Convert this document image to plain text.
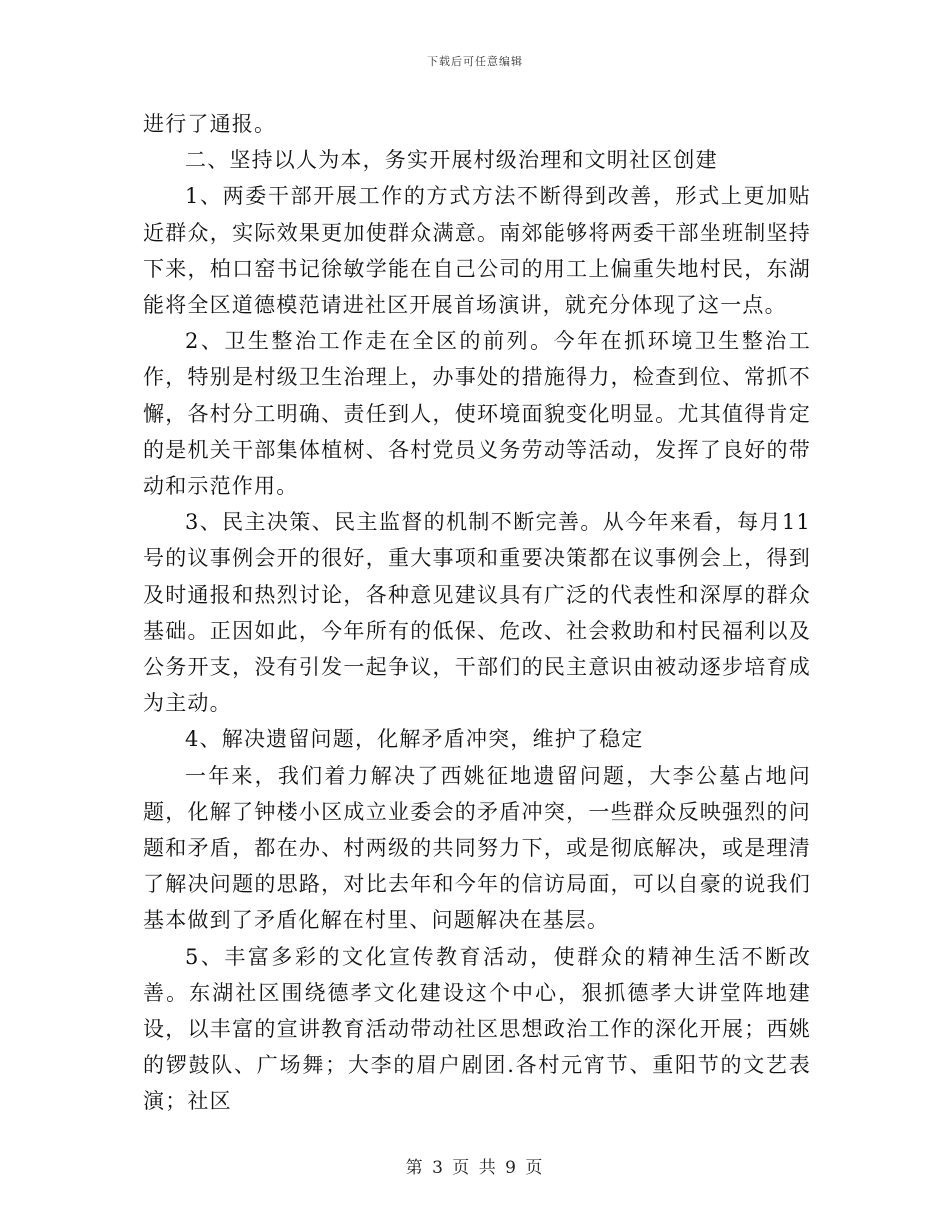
下载后可任意编辑

进行了通报。

二、坚持以人为本，务实开展村级治理和文明社区创建

1、两委干部开展工作的方式方法不断得到改善，形式上更加贴近群众，实际效果更加使群众满意。南郊能够将两委干部坐班制坚持下来，柏口窑书记徐敏学能在自己公司的用工上偏重失地村民，东湖能将全区道德模范请进社区开展首场演讲，就充分体现了这一点。

2、卫生整治工作走在全区的前列。今年在抓环境卫生整治工作，特别是村级卫生治理上，办事处的措施得力，检查到位、常抓不懈，各村分工明确、责任到人，使环境面貌变化明显。尤其值得肯定的是机关干部集体植树、各村党员义务劳动等活动，发挥了良好的带动和示范作用。

3、民主决策、民主监督的机制不断完善。从今年来看，每月11号的议事例会开的很好，重大事项和重要决策都在议事例会上，得到及时通报和热烈讨论，各种意见建议具有广泛的代表性和深厚的群众基础。正因如此，今年所有的低保、危改、社会救助和村民福利以及公务开支，没有引发一起争议，干部们的民主意识由被动逐步培育成为主动。

4、解决遗留问题，化解矛盾冲突，维护了稳定

一年来，我们着力解决了西姚征地遗留问题，大李公墓占地问题，化解了钟楼小区成立业委会的矛盾冲突，一些群众反映强烈的问题和矛盾，都在办、村两级的共同努力下，或是彻底解决，或是理清了解决问题的思路，对比去年和今年的信访局面，可以自豪的说我们基本做到了矛盾化解在村里、问题解决在基层。

5、丰富多彩的文化宣传教育活动，使群众的精神生活不断改善。东湖社区围绕德孝文化建设这个中心，狠抓德孝大讲堂阵地建设，以丰富的宣讲教育活动带动社区思想政治工作的深化开展；西姚的锣鼓队、广场舞；大李的眉户剧团.各村元宵节、重阳节的文艺表演；社区

第 3 页 共 9 页
